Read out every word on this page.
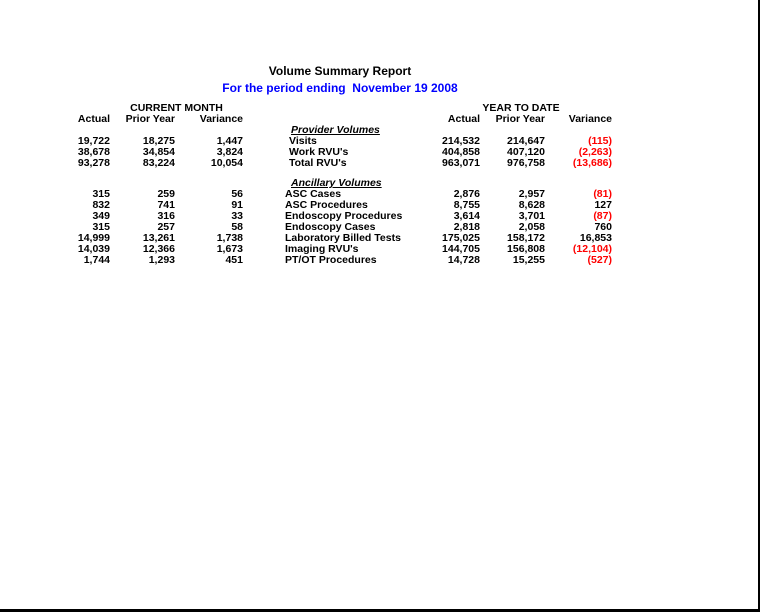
Volume Summary Report
For the period ending  November 19 2008
CURRENT MONTH	YEAR TO DATE
Actual	Prior Year	Variance	Actual	Prior Year	Variance
Provider Volumes
19,722	18,275	1,447	Visits	214,532	214,647	(115)
38,678	34,854	3,824	Work RVU's	404,858	407,120	(2,263)
93,278	83,224	10,054	Total RVU's	963,071	976,758	(13,686)
Ancillary Volumes
315	259	56	ASC Cases	2,876	2,957	(81)
832	741	91	ASC Procedures	8,755	8,628	127
349	316	33	Endoscopy Procedures	3,614	3,701	(87)
315	257	58	Endoscopy Cases	2,818	2,058	760
14,999	13,261	1,738	Laboratory Billed Tests	175,025	158,172	16,853
14,039	12,366	1,673	Imaging RVU's	144,705	156,808	(12,104)
1,744	1,293	451	PT/OT Procedures	14,728	15,255	(527)
